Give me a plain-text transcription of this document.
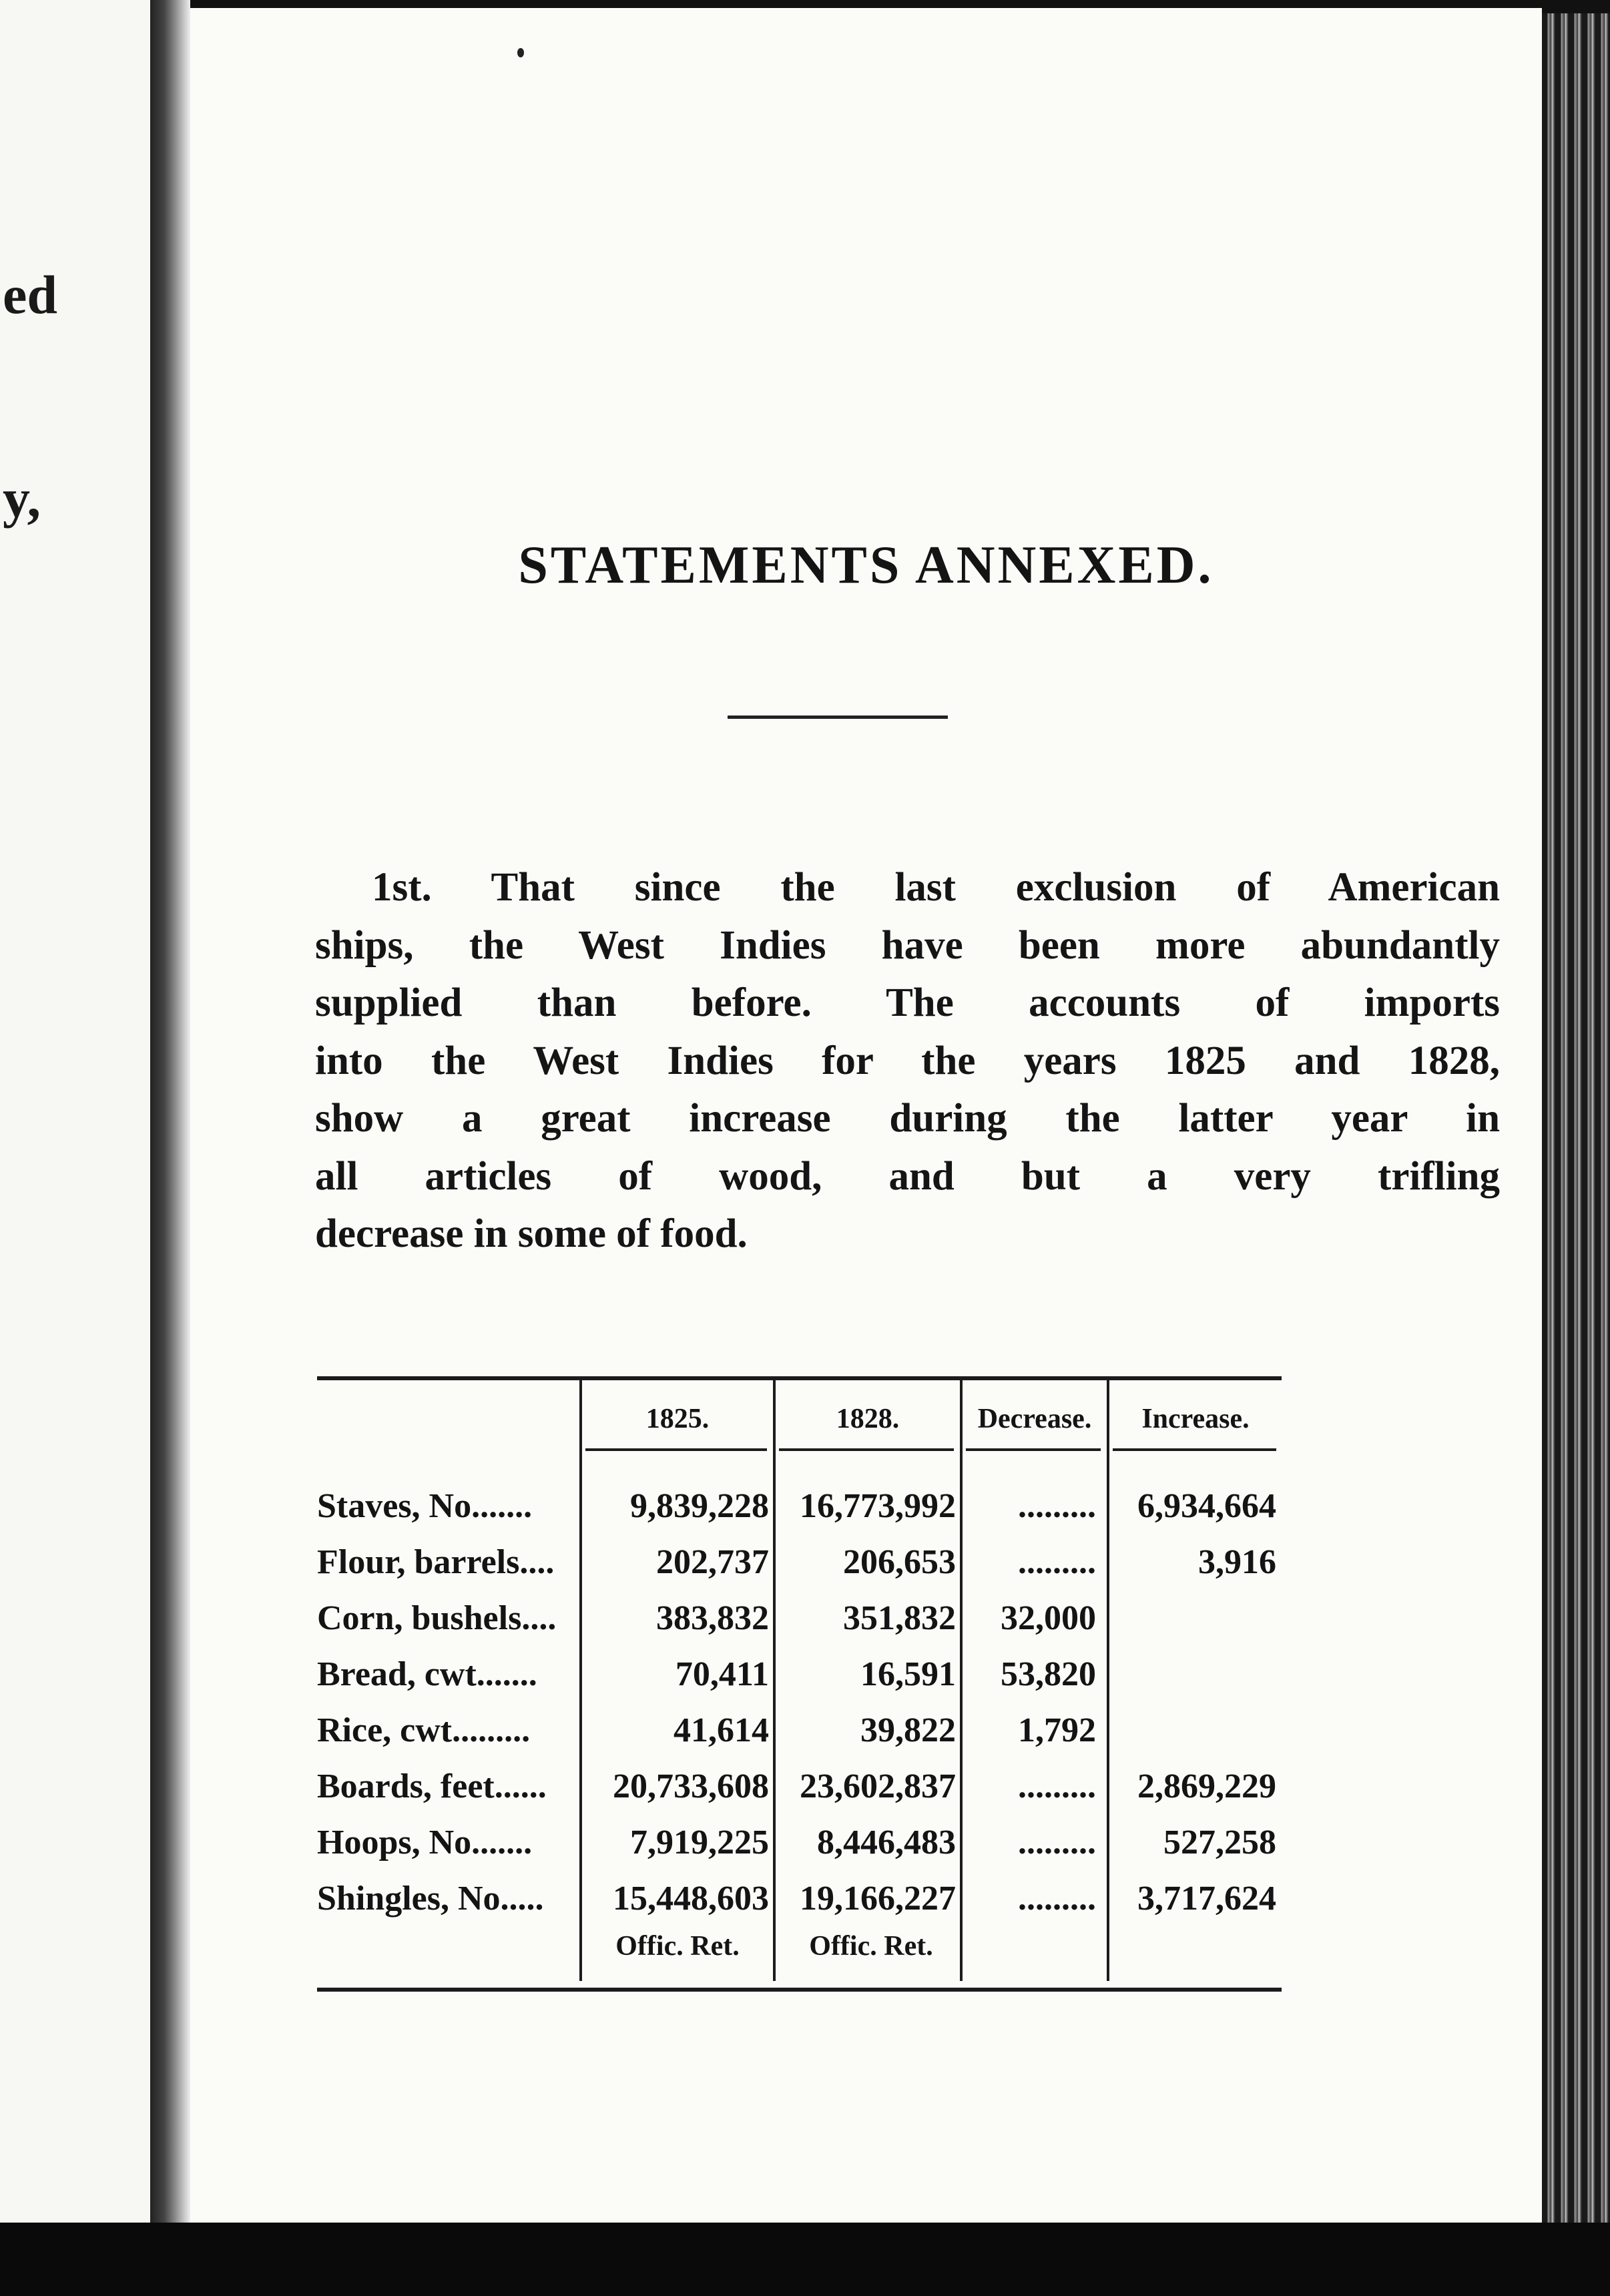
ed
y,
STATEMENTS ANNEXED.
1st. That since the last exclusion of American
ships, the West Indies have been more abundantly
supplied than before. The accounts of imports
into the West Indies for the years 1825 and 1828,
show a great increase during the latter year in
all articles of wood, and but a very trifling
decrease in some of food.
1825.	1828.	Decrease.	Increase.
Staves, No.......	9,839,228 16,773,992 ......... 6,934,664
Flour, barrels....	202,737 206,653 .........	3,916
Corn, bushels....	383,832 351,832 32,000
Bread, cwt.......	70,411	16,591 53,820
Rice, cwt.........	41,614	39,822 1,792
Boards, feet......	20,733,608 23,602,837 ......... 2,869,229
Hoops, No.......	7,919,225 8,446,483 ......... 527,258
Shingles, No.....	15,448,603 19,166,227 ......... 3,717,624
Offic. Ret.	Offic. Ret.
